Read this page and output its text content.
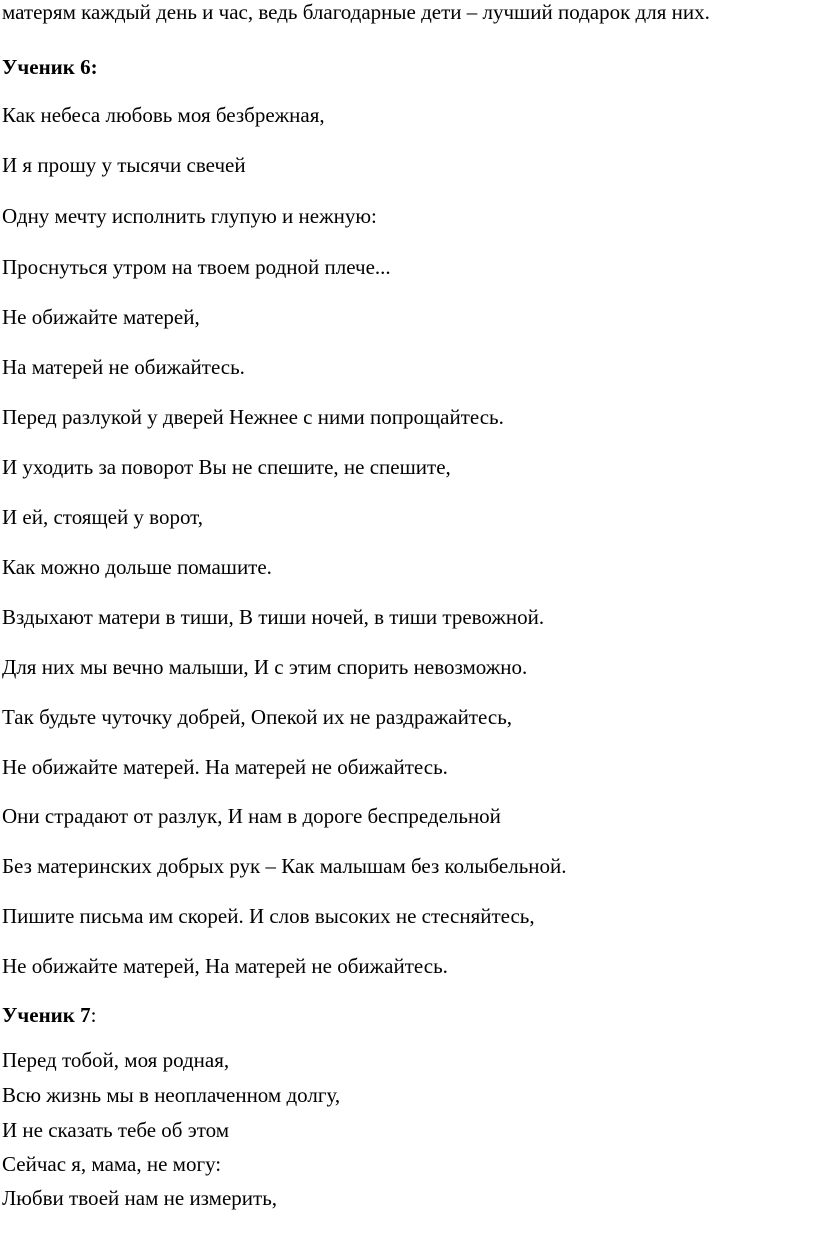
матерям каждый день и час, ведь благодарные дети – лучший подарок для них.
Ученик 6:
Как небеса любовь моя безбрежная,
И я прошу у тысячи свечей
Одну мечту исполнить глупую и нежную:
Проснуться утром на твоем родной плече...
Не обижайте матерей,
На матерей не обижайтесь.
Перед разлукой у дверей Нежнее с ними попрощайтесь.
И уходить за поворот Вы не спешите, не спешите,
И ей, стоящей у ворот,
Как можно дольше помашите.
Вздыхают матери в тиши, В тиши ночей, в тиши тревожной.
Для них мы вечно малыши, И с этим спорить невозможно.
Так будьте чуточку добрей, Опекой их не раздражайтесь,
Не обижайте матерей. На матерей не обижайтесь.
Они страдают от разлук, И нам в дороге беспредельной
Без материнских добрых рук – Как малышам без колыбельной.
Пишите письма им скорей. И слов высоких не стесняйтесь,
Не обижайте матерей, На матерей не обижайтесь.
Ученик 7:
Перед тобой, моя родная,
Всю жизнь мы в неоплаченном долгу,
И не сказать тебе об этом
Сейчас я, мама, не могу:
Любви твоей нам не измерить,
